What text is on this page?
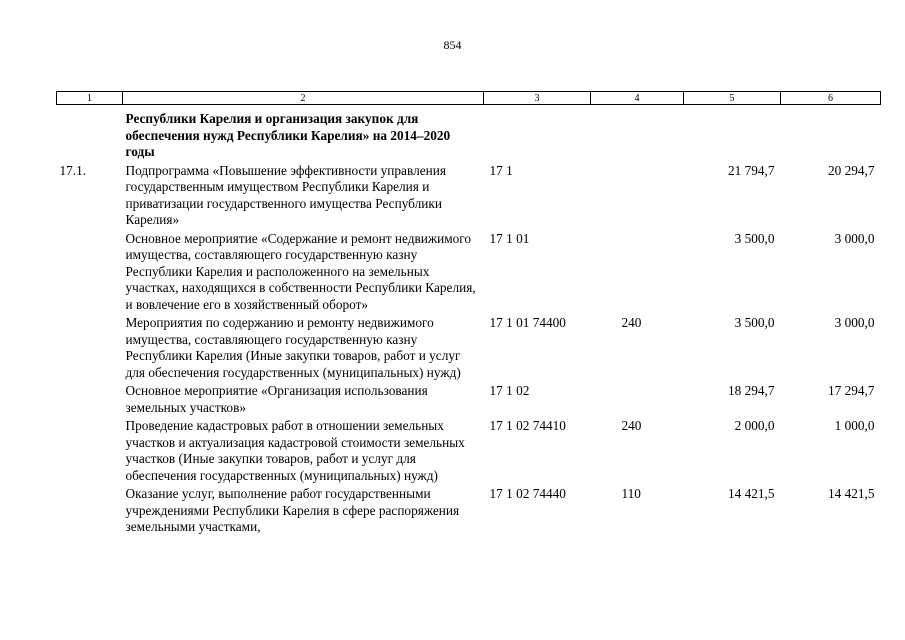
854
1	2	3	4	5	6
	Республики Карелия и организация закупок для обеспечения нужд Республики Карелия» на 2014–2020 годы				
17.1.	Подпрограмма «Повышение эффективности управления государственным имуществом Республики Карелия и приватизации государственного имущества Республики Карелия»	17 1		21 794,7	20 294,7
	Основное мероприятие «Содержание и ремонт недвижимого имущества, составляющего государственную казну Республики Карелия и расположенного на земельных участках, находящихся в собственности Республики Карелия, и вовлечение его в хозяйственный оборот»	17 1 01		3 500,0	3 000,0
	Мероприятия по содержанию и ремонту недвижимого имущества, составляющего государственную казну Республики Карелия (Иные закупки товаров, работ и услуг для обеспечения государственных (муниципальных) нужд)	17 1 01 74400	240	3 500,0	3 000,0
	Основное мероприятие «Организация использования земельных участков»	17 1 02		18 294,7	17 294,7
	Проведение кадастровых работ в отношении земельных участков и актуализация кадастровой стоимости земельных участков (Иные закупки товаров, работ и услуг для обеспечения государственных (муниципальных) нужд)	17 1 02 74410	240	2 000,0	1 000,0
	Оказание услуг, выполнение работ государственными учреждениями Республики Карелия в сфере распоряжения земельными участками,	17 1 02 74440	110	14 421,5	14 421,5
